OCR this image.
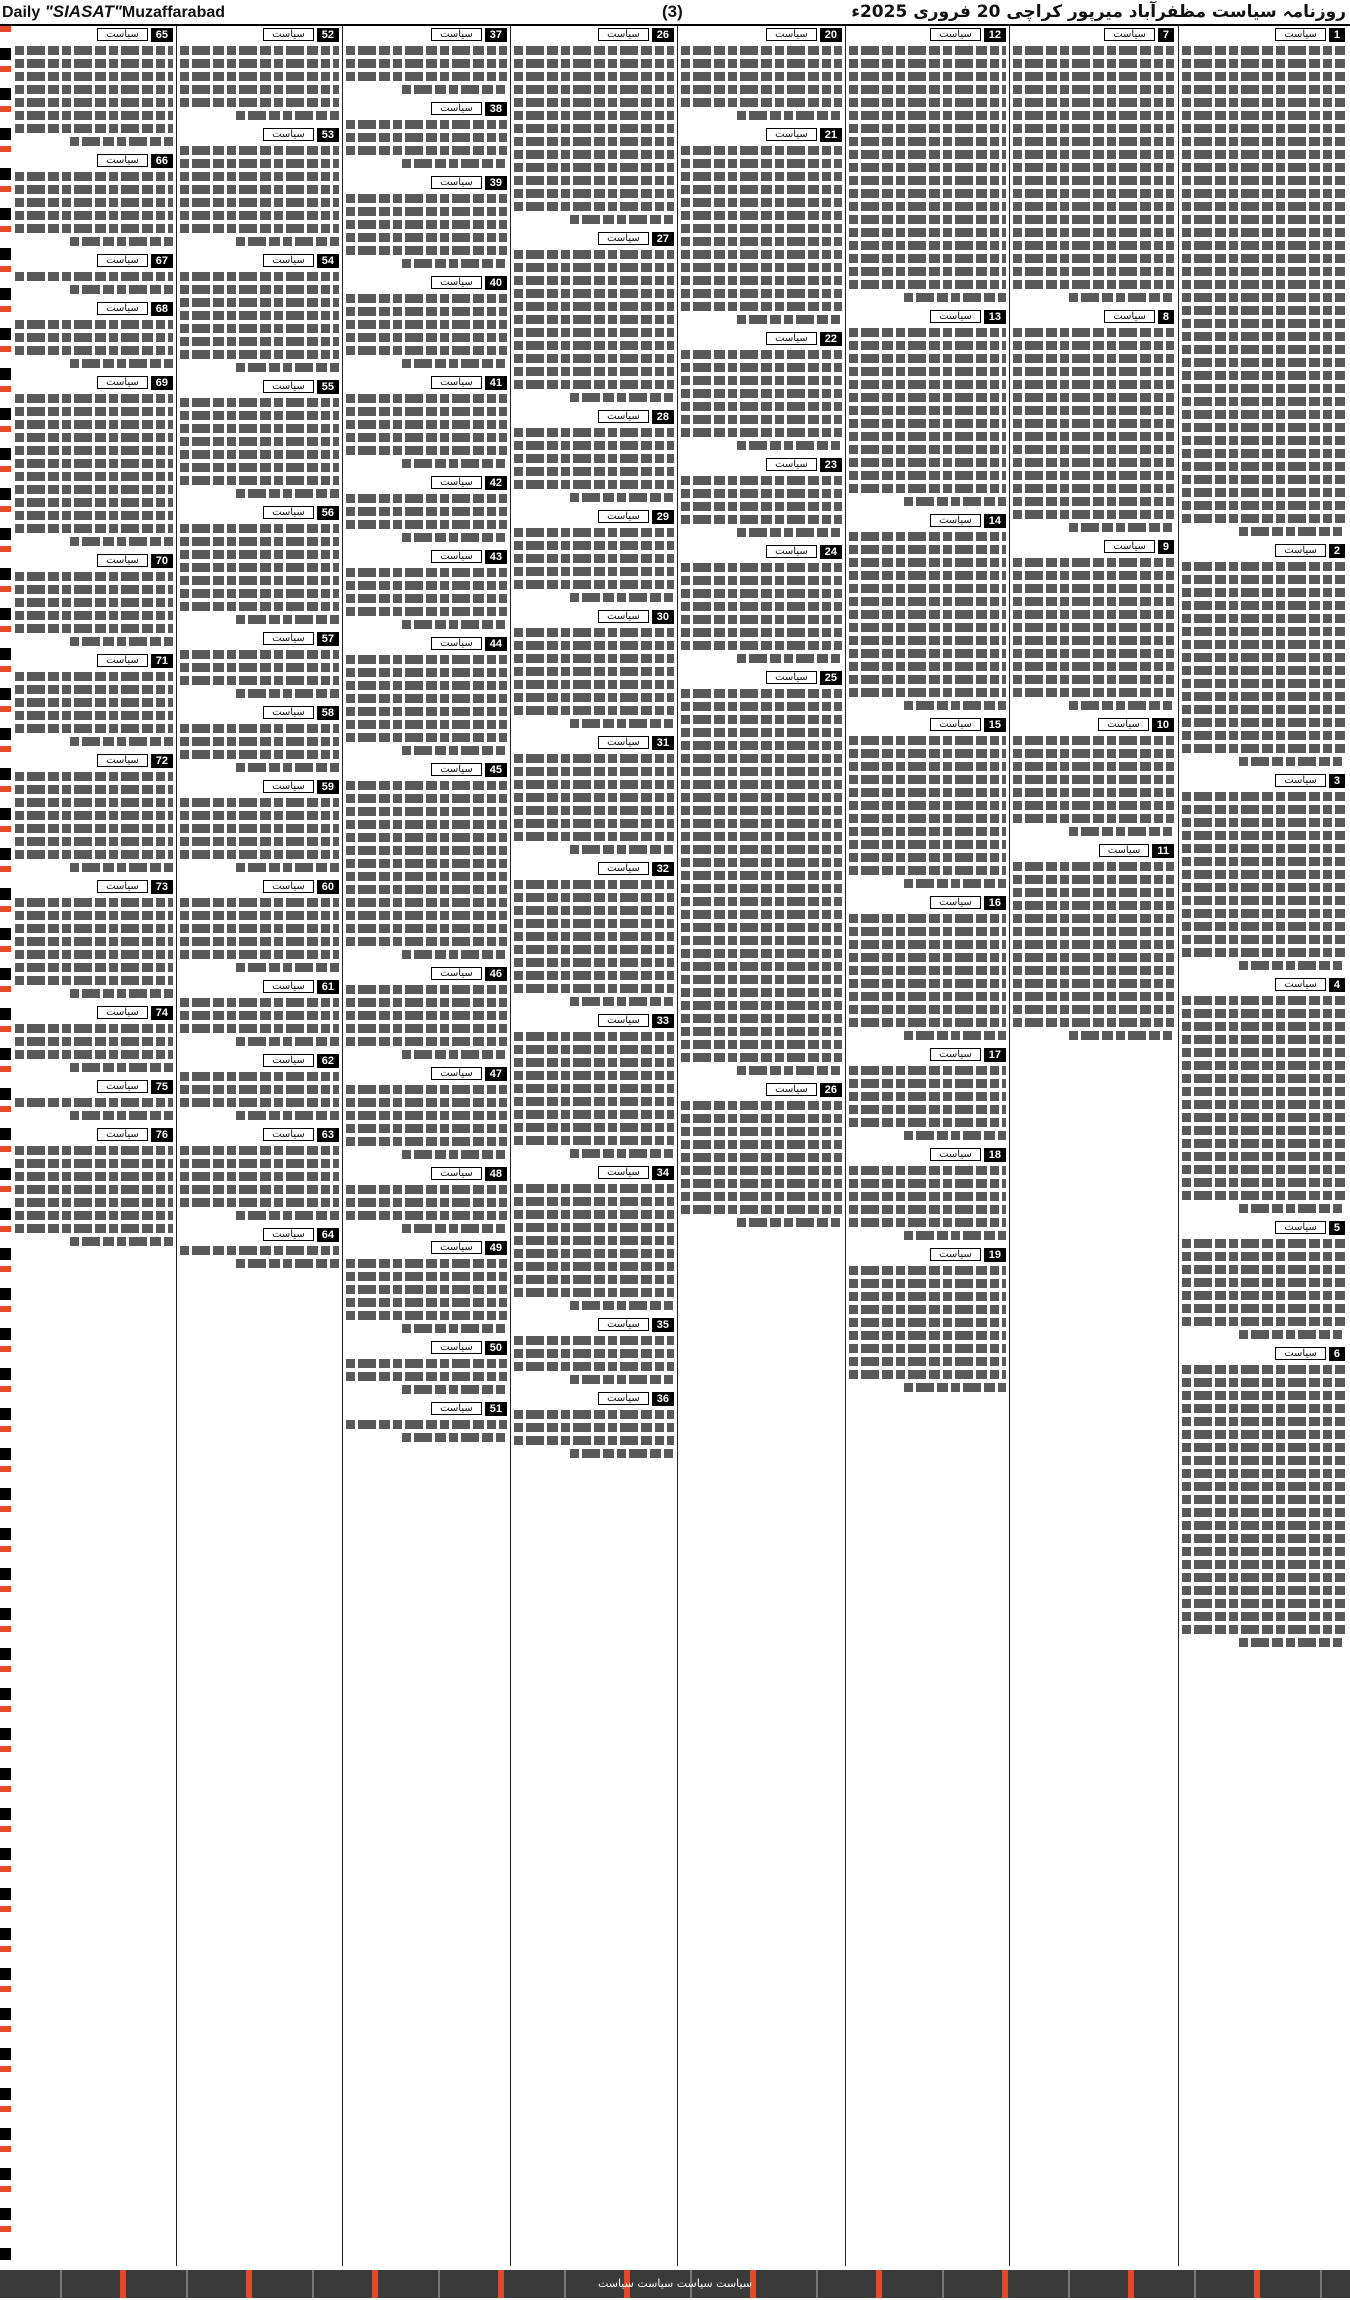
Daily "SIASAT"Muzaffarabad	(3)	روزنامہ سیاست مظفرآباد میرپور کراچی 20 فروری 2025ء
1
سیاست
2
سیاست
3
سیاست
4
سیاست
5
سیاست
6
سیاست
7
سیاست
8
سیاست
9
سیاست
10
سیاست
11
سیاست
12
سیاست
13
سیاست
14
سیاست
15
سیاست
16
سیاست
17
سیاست
18
سیاست
19
سیاست
20
سیاست
21
سیاست
22
سیاست
23
سیاست
24
سیاست
25
سیاست
26
سیاست
26
سیاست
27
سیاست
28
سیاست
29
سیاست
30
سیاست
31
سیاست
32
سیاست
33
سیاست
34
سیاست
35
سیاست
36
سیاست
37
سیاست
38
سیاست
39
سیاست
40
سیاست
41
سیاست
42
سیاست
43
سیاست
44
سیاست
45
سیاست
46
سیاست
47
سیاست
48
سیاست
49
سیاست
50
سیاست
51
سیاست
52
سیاست
53
سیاست
54
سیاست
55
سیاست
56
سیاست
57
سیاست
58
سیاست
59
سیاست
60
سیاست
61
سیاست
62
سیاست
63
سیاست
64
سیاست
65
سیاست
66
سیاست
67
سیاست
68
سیاست
69
سیاست
70
سیاست
71
سیاست
72
سیاست
73
سیاست
74
سیاست
75
سیاست
76
سیاست
سیاست سیاست سیاست سیاست
